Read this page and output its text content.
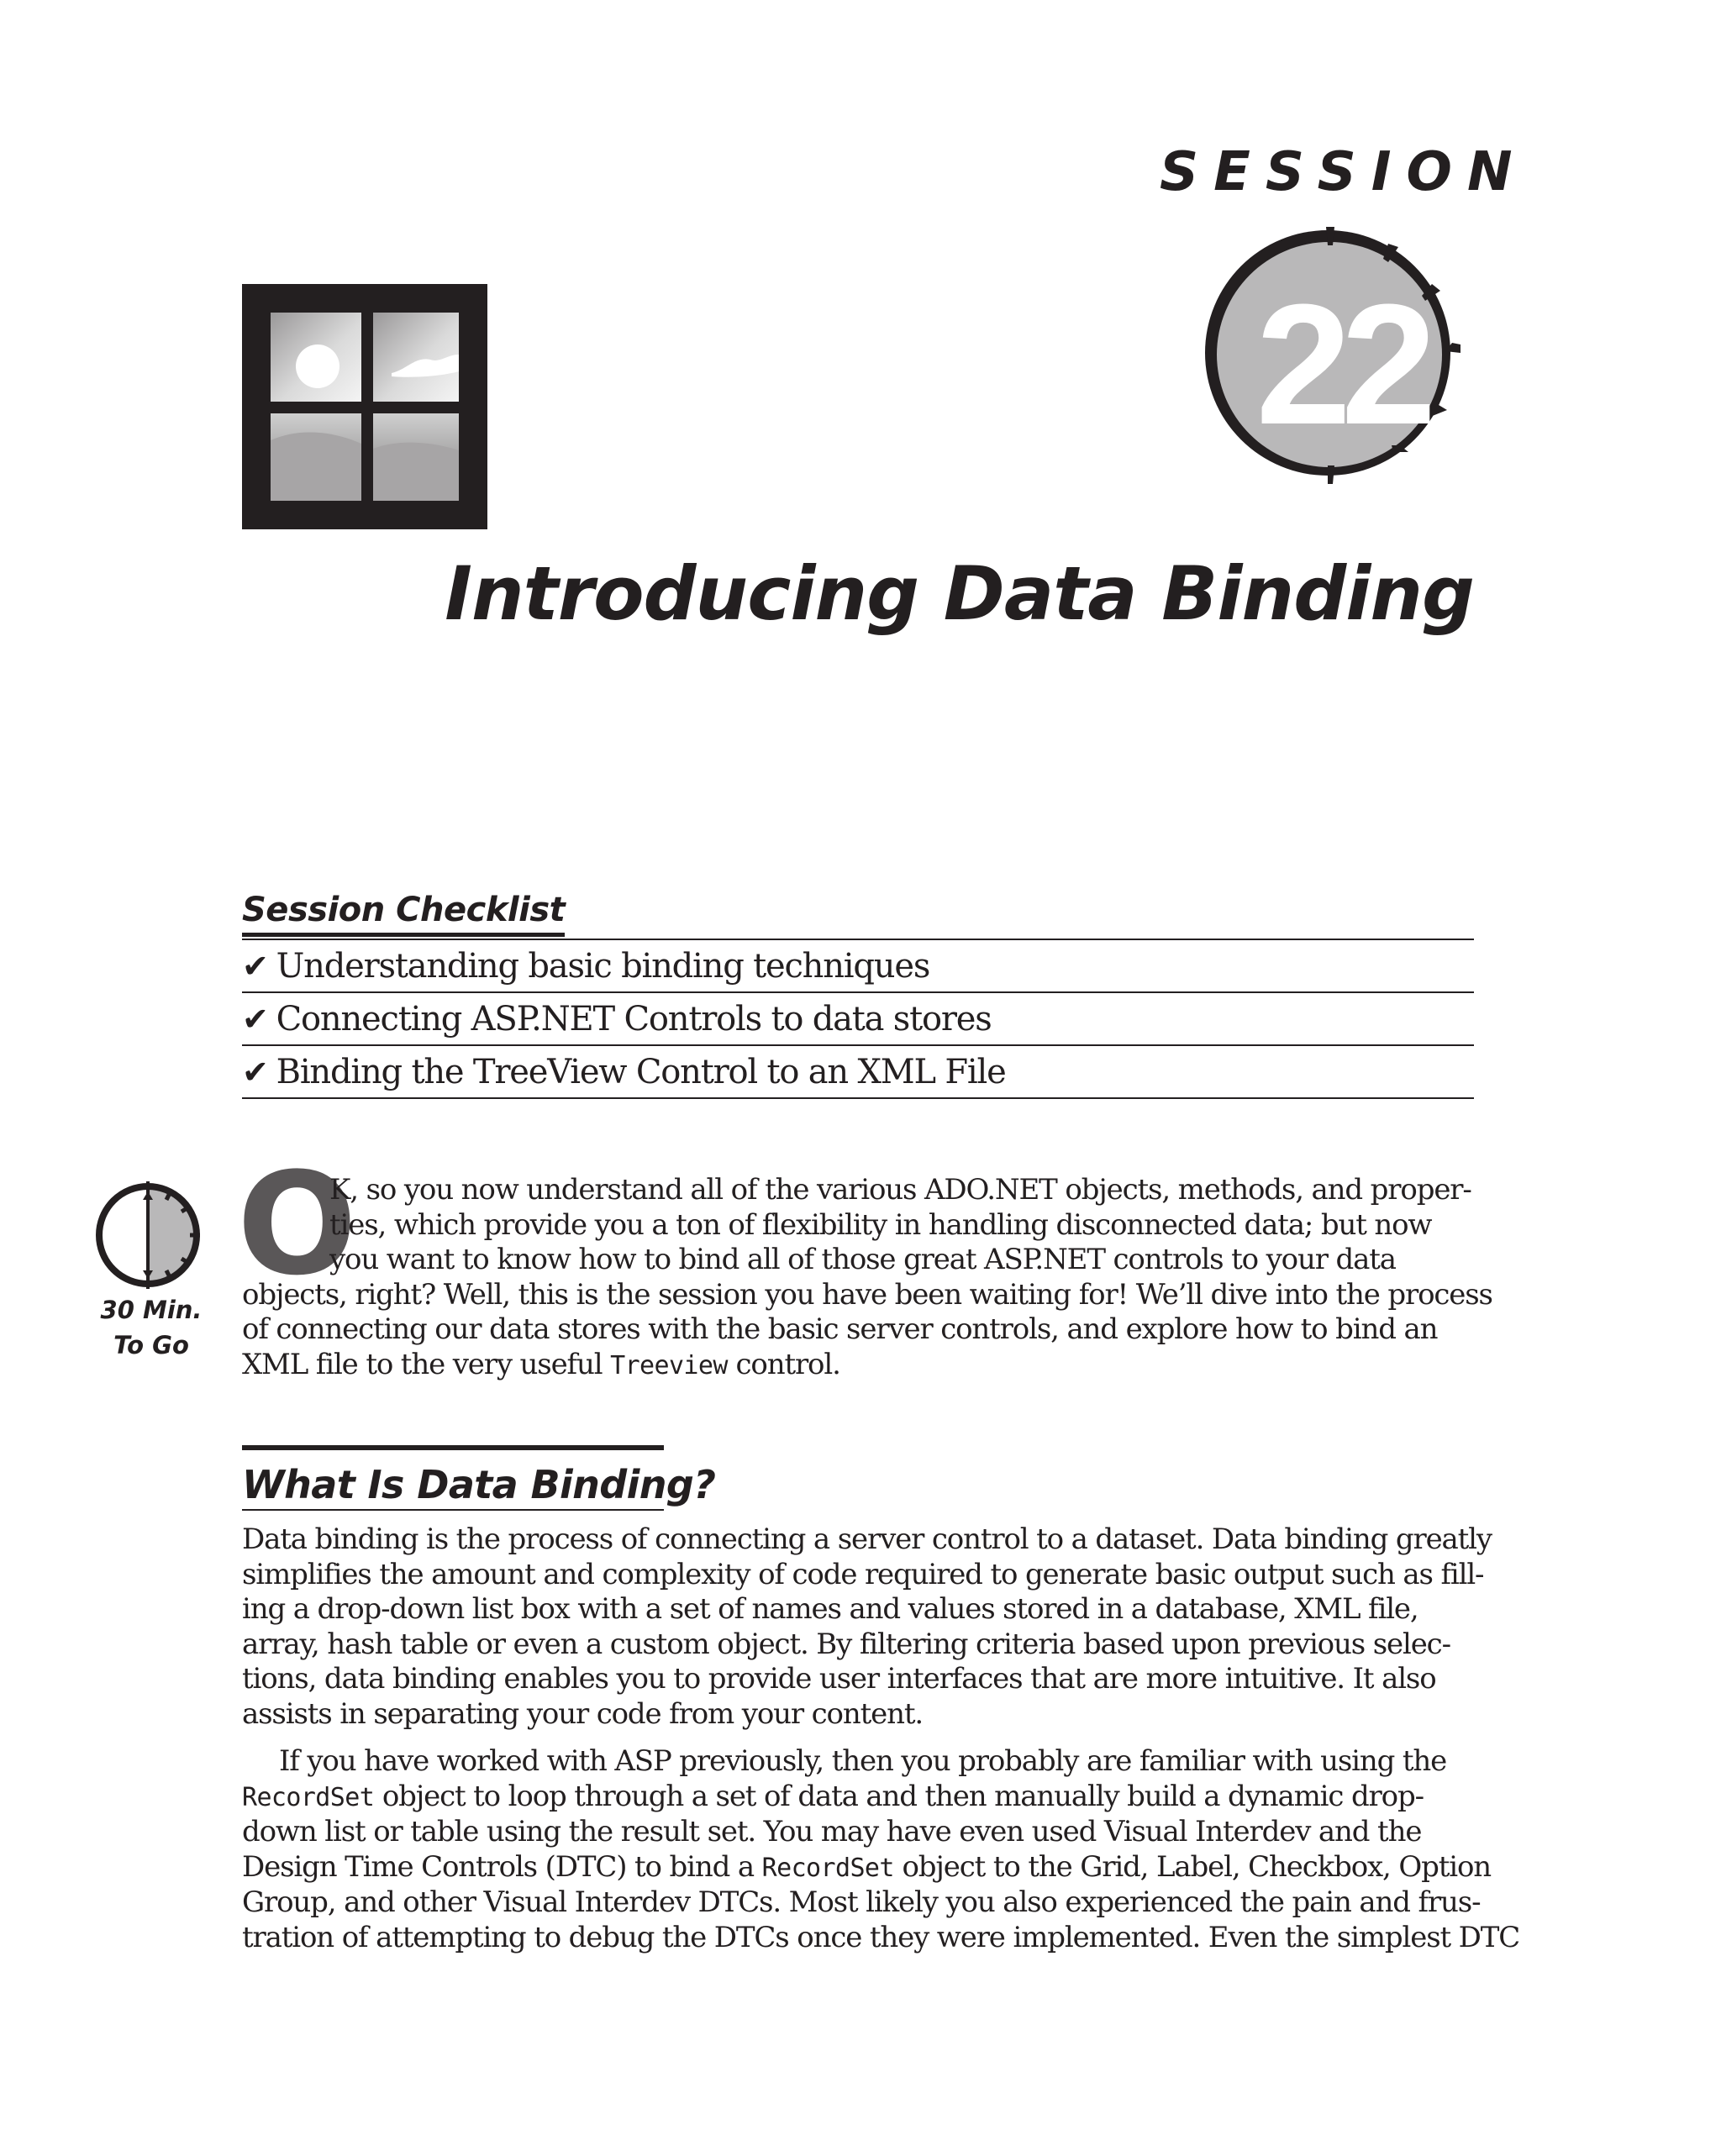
SESSION
22
Introducing Data Binding
Session Checklist
✔ Understanding basic binding techniques
✔ Connecting ASP.NET Controls to data stores
✔ Binding the TreeView Control to an XML File
30 Min.
To Go
O
K, so you now understand all of the various ADO.NET objects, methods, and proper-
ties, which provide you a ton of flexibility in handling disconnected data; but now
you want to know how to bind all of those great ASP.NET controls to your data
objects, right? Well, this is the session you have been waiting for! We’ll dive into the process
of connecting our data stores with the basic server controls, and explore how to bind an
XML file to the very useful Treeview control.
What Is Data Binding?
Data binding is the process of connecting a server control to a dataset. Data binding greatly
simplifies the amount and complexity of code required to generate basic output such as fill-
ing a drop-down list box with a set of names and values stored in a database, XML file,
array, hash table or even a custom object. By filtering criteria based upon previous selec-
tions, data binding enables you to provide user interfaces that are more intuitive. It also
assists in separating your code from your content.
If you have worked with ASP previously, then you probably are familiar with using the
RecordSet object to loop through a set of data and then manually build a dynamic drop-
down list or table using the result set. You may have even used Visual Interdev and the
Design Time Controls (DTC) to bind a RecordSet object to the Grid, Label, Checkbox, Option
Group, and other Visual Interdev DTCs. Most likely you also experienced the pain and frus-
tration of attempting to debug the DTCs once they were implemented. Even the simplest DTC
